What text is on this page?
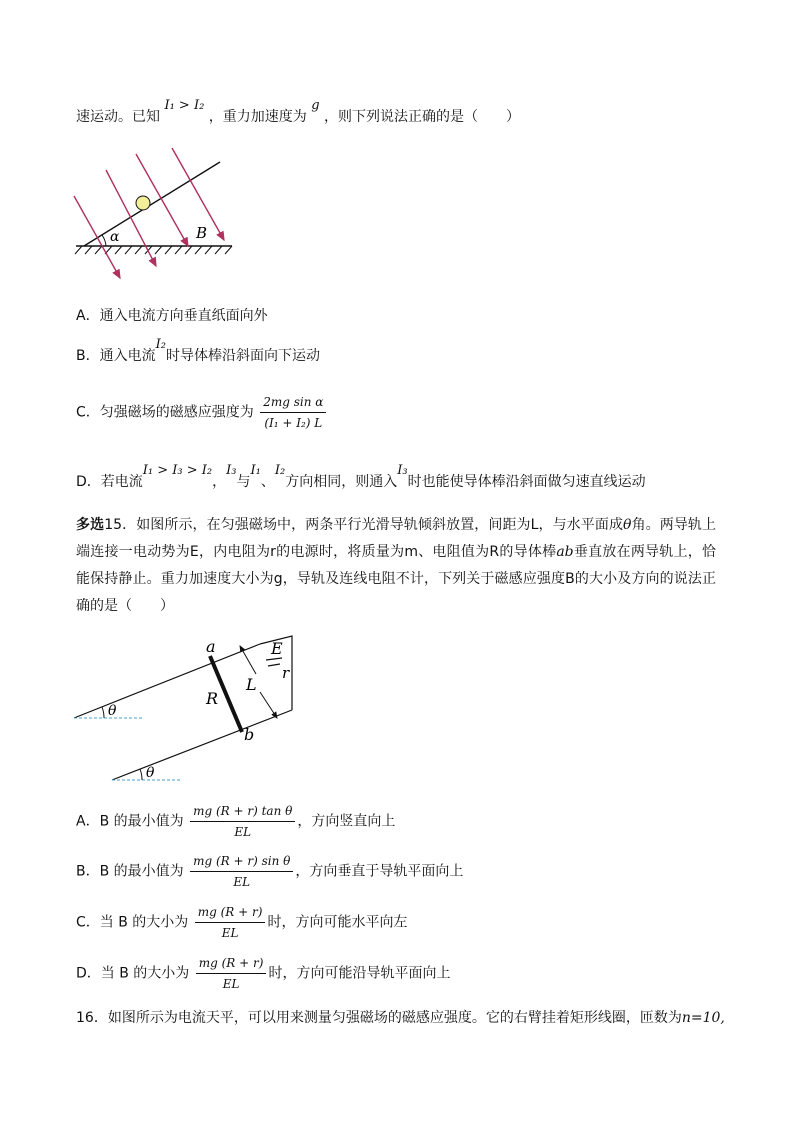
速运动。已知 I₁ > I₂ ，重力加速度为 g ，则下列说法正确的是（　　）
α	B
A．通入电流方向垂直纸面向外
B．通入电流I₂时导体棒沿斜面向下运动
C．匀强磁场的磁感应强度为 $\frac{\text{2mg sin α}}{\text{(I₁ + I₂) L}}$
D．若电流I₁ > I₃ > I₂，I₃与I₁、I₂方向相同，则通入I₃时也能使导体棒沿斜面做匀速直线运动
多选15．如图所示，在匀强磁场中，两条平行光滑导轨倾斜放置，间距为L，与水平面成θ角。两导轨上端连接一电动势为E，内电阻为r的电源时，将质量为m、电阻值为R的导体棒ab垂直放在两导轨上，恰能保持静止。重力加速度大小为g，导轨及连线电阻不计，下列关于磁感应强度B的大小及方向的说法正确的是（　　）
E
r
a
b
R
L
θ
θ
A．B 的最小值为 $\frac{\text{mg (R + r) tan θ}}{EL}$ ，方向竖直向上
B．B 的最小值为 $\frac{\text{mg (R + r) sin θ}}{EL}$ ，方向垂直于导轨平面向上
C．当 B 的大小为 $\frac{mg (R + r)}{EL}$ 时，方向可能水平向左
D．当 B 的大小为 $\frac{mg (R + r)}{EL}$ 时，方向可能沿导轨平面向上
16．如图所示为电流天平，可以用来测量匀强磁场的磁感应强度。它的右臂挂着矩形线圈，匝数为n=10,
